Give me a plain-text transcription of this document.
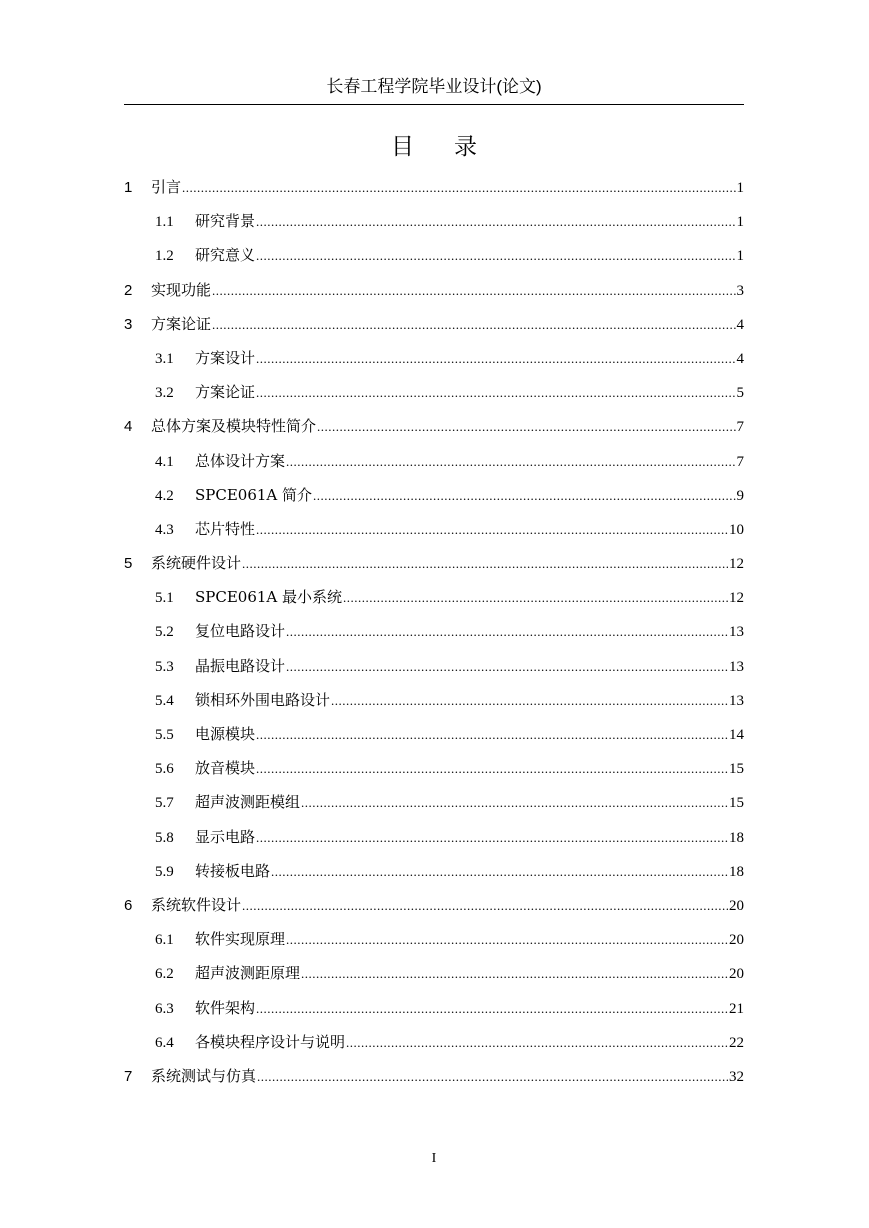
长春工程学院毕业设计(论文)
目录
1	引言 .....	1
1.1	研究背景 .....	1
1.2	研究意义 .....	1
2	实现功能 .....	3
3	方案论证 .....	4
3.1	方案设计 .....	4
3.2	方案论证 .....	5
4	总体方案及模块特性简介 .....	7
4.1	总体设计方案 .....	7
4.2	SPCE061A 简介 .....	9
4.3	芯片特性 .....	10
5	系统硬件设计 .....	12
5.1	SPCE061A 最小系统 .....	12
5.2	复位电路设计 .....	13
5.3	晶振电路设计 .....	13
5.4	锁相环外围电路设计 .....	13
5.5	电源模块 .....	14
5.6	放音模块 .....	15
5.7	超声波测距模组 .....	15
5.8	显示电路 .....	18
5.9	转接板电路 .....	18
6	系统软件设计 .....	20
6.1	软件实现原理 .....	20
6.2	超声波测距原理 .....	20
6.3	软件架构 .....	21
6.4	各模块程序设计与说明 .....	22
7	系统测试与仿真 .....	32
I
